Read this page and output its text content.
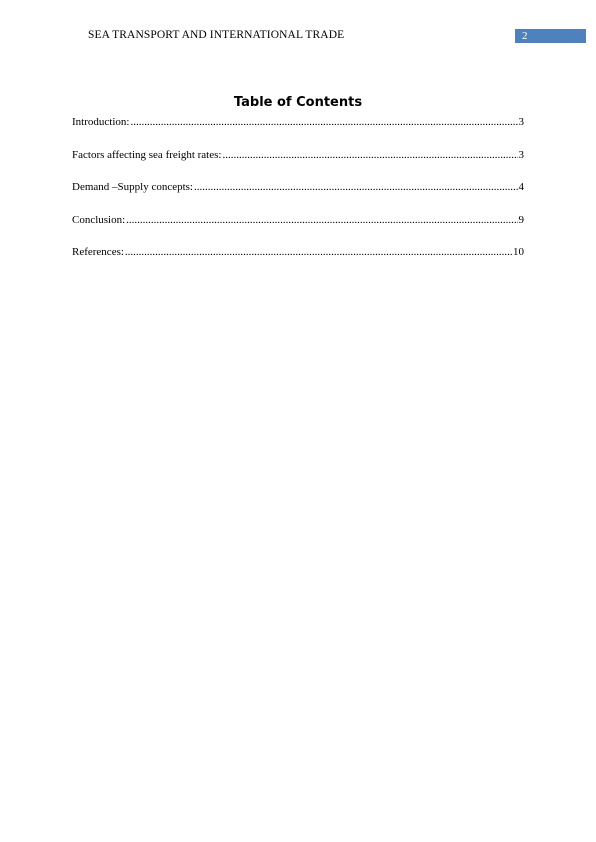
SEA TRANSPORT AND INTERNATIONAL TRADE	2
Table of Contents
Introduction: .....	3
Factors affecting sea freight rates: .....	3
Demand –Supply concepts: .....	4
Conclusion: .....	9
References: .....	10
